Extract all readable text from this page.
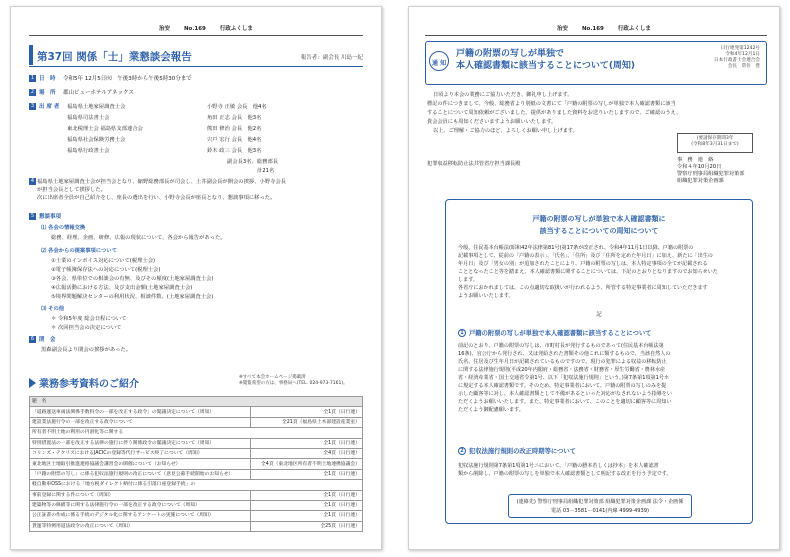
治安	No.169	行政ふくしま
第37回 関係「士」業懇談会報告	報告者：副会長 川島一紀
1 日　時 令和5年 12月5日㈫　午後3時から午後5時30分まで
2 場　所 郡山ビューホテルアネックス
3 出 席 者	福島県土地家屋調査士会	小野寺 正敏 会長　他4名
福島県司法書士会	角田 正志 会長　他3名
東北税理士会 福島県支部連合会	熊田 修治 会長　他2名
福島県社会保険労務士会	宍戸 宏行 会長　他4名
福島県行政書士会	鈴木 政三 会長　他3名
副会長3名、総務部長
計21名
4 福島県土地家屋調査士会が担当会となり、縮野総務部長が司会し、土井副会長が開会の挨拶、小野寺会長
が担当会長として挨拶した。
次に出席者全員が自己紹介をし、座長の選出を行い、小野寺会長が座長となり、懇談事項に移った。
5 懇談事項
⑴ 各会の情報交換
総務、経理、企画、研修、広報の現状について、各会から報告があった。
⑵ 各会からの提案事項について
①士業のインボイス対応について(税理士会)
②電子帳簿保存法への対応について(税理士会)
③各会、県単位での相談会の有無、及びその頻度(土地家屋調査士会)
④広報活動における方法、及び支出金額(土地家屋調査士会)
⑤境界問題解決センターの利用状況、相談件数、(土地家屋調査士会)
⑶ その他
＊ 令和5年度 総会日程について
＊ 次回担当会の決定について
6 閉　会
黒森副会長より閉会の挨拶があった。
業務参考資料のご紹介
※すべて本会ホームページ掲載済
※閲覧希望の方は、事務局へ(TEL. 024-973-7161)。
題　名	
「道路運送車両法関係手数料令の一部を改正する政令」の閲議決定について（周知）	全1頁（日行連）
建設業法施行令の一部を改正する政令について	全21頁（福島県土木部建設産業室）
所有者不明土地の利用の円滑化等に関する	
特別措置法の一部を改正する法律の施行に伴う関係政令の閣議決定について（周知）	全1頁（日行連）
コリンズ・テクリスにおけるJACICの登録等代行サービス終了について（周知）	全4頁（日行連）
東北地区土地取引推進連絡協議会講習会の開催について（お知らせ）	全4頁（東北地区所有者不明土地連携協議会）
「戸籍の附票の写し」に係る犯収法施行規則の改正について（意見公募手続開始のお知らせ）	全1頁（日行連）
軽自動車OSSにおける「地方税ダイレクト納付に係る引落口座登録手続」の	
事前登録に関する件について（周知）	全1頁（日行連）
建築物等の修繕等に関する法律施行令の一部を改正する政令について（周知）	全1頁（日行連）
公正証書の作成に係る手続のデジタル化に関するアンケートの実施について（周知）	全1頁（日行連）
貨運等特例用道法政令の改正について（周知）	全25頁（日行連）
治安	No.169	行政ふくしま
通 知
戸籍の附票の写しが単独で
本人確認書類に該当することについて(周知)
日行連発第1242号
令和4年12月1日
日本行政書士会連合会
会長　常住　豊
日頃より本会の業務にご協力いただき、御礼申し上げます。
標記の件につきまして、今般、総務省より別紙の文書にて「戸籍の附票の写しが単独で本人確認書類に該当
することについて周知依頼がございました。提供がありました資料をお送りいたしますので、ご確認のうえ、
貴会会員にも周知くださいますようお願いいたします。
以上、ご理解・ご協力のほど、よろしくお願い申し上げます。
(要請保存期間3年
(令和8年3月31日まで)
犯罪収益移転防止法共管省庁担当課長殿
事　務　連　絡
令和４年10月20日
警察庁刑事局組織犯罪対策部
組織犯罪対策企画課
戸籍の附票の写しが単独で本人確認書類に
該当することについての周知について
今般、住民基本台帳法(昭和42年法律第81号)第17条が改正され、令和4年11月1日以降、戸籍の附票の
記載事項として、従前の「戸籍の表示」、「氏名」、「住所」及び「住所を定めた年月日」に加え、新たに「出生の
年月日」及び「男女の別」が追加されたことにより、戸籍の附票の写しは、本人特定事項の全てが記載される
こととなったこと等を踏まえ、本人確認書類に関することについては、下記のとおりとなりますのでお知らせいた
します。
各省庁におかれましては、この点適切な取扱いが行われるよう、所管する特定事業者に周知していただきます
ようお願いいたします。
記
1 戸籍の附票の写しが単独で本人確認書類に該当することについて
前記のとおり、戸籍の附票の写しは、市町村長が発行するものであって(住民基本台帳法第
16条)、官公庁から発行され、又は発給された書類その他これに類するもので、当該自然人の
氏名、住居及び生年月日が記載されているものですので、現行の犯罪による収益の移転防止
に関する法律施行規則(平成20年内閣府・総務省・法務省・財務省・厚生労働省・農林水産
省・経済産業省・国土交通省令第1号、以下「犯収法施行規則」という。)第7条第1項第1号ホ
に規定する本人確認書類です。そのため、特定事業者において、戸籍の附票の写しのみを提
示した顧客等に対し、本人確認書類として不備があるといった対応がなされないよう指導をい
ただくようお願いいたします。また、特定事業者において、このことを適切に顧客等に周知い
ただくよう御配慮願います。
2 犯収法施行規則の改正時期等について
犯収法施行規則第7条第1項第1号ニにおいて、「戸籍の謄本若しくは抄本」を本人確認書
類から削除し、戸籍の附票の写しを単独で本人確認書類として明記する改正を行う予定です。
(連絡先) 警察庁刑事局組織犯罪対策部 組織犯罪対策企画課 法令・企画係
電話 03－3581－0141(内線 4999-4939)
